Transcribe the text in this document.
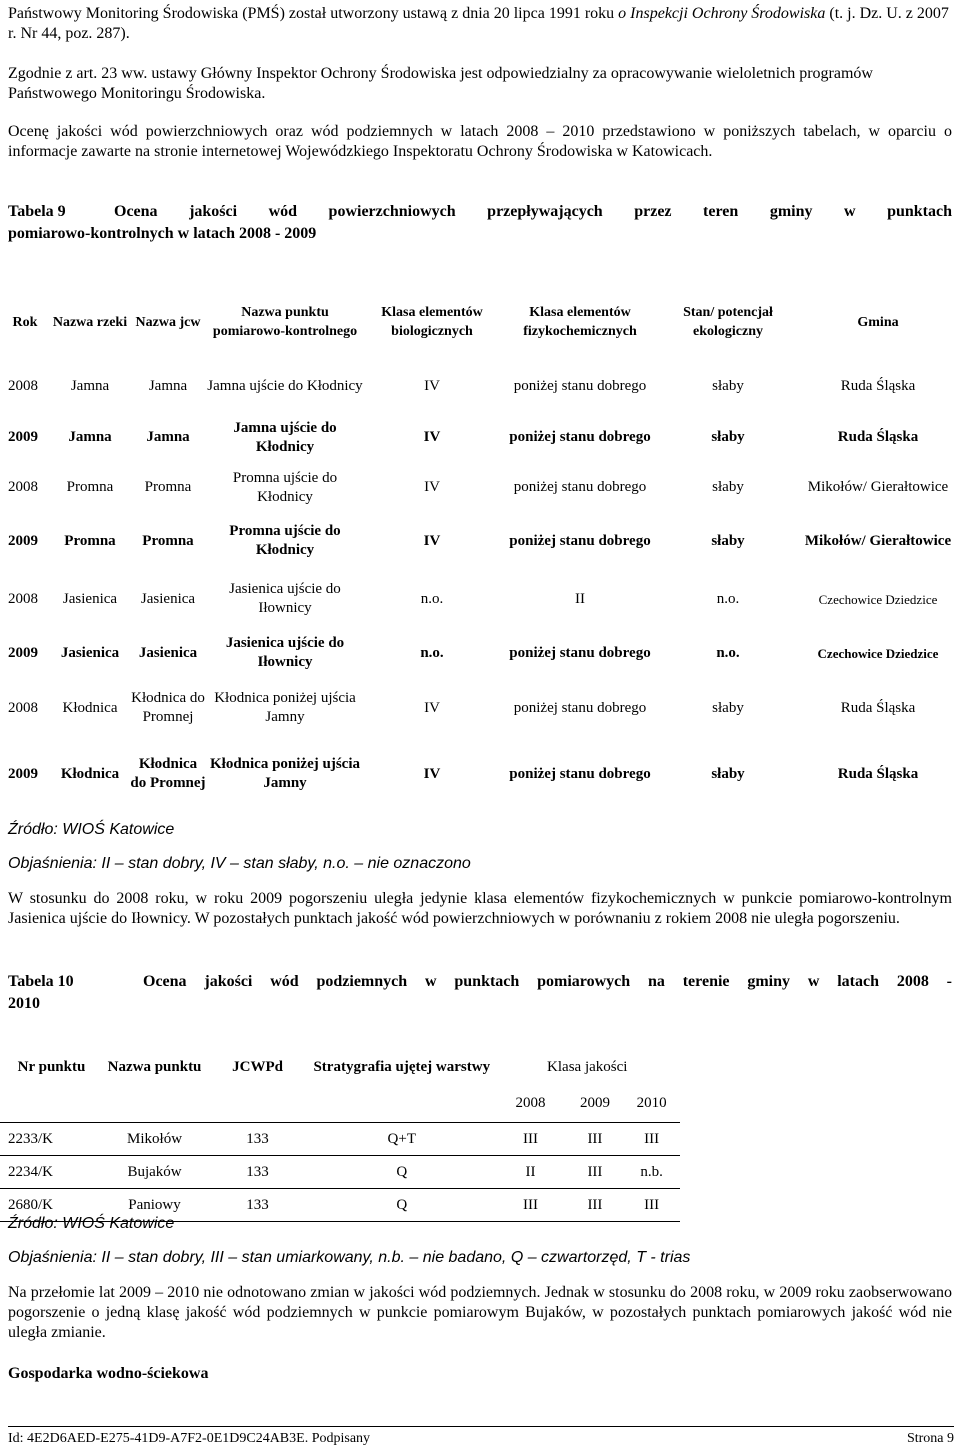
Państwowy Monitoring Środowiska (PMŚ) został utworzony ustawą z dnia 20 lipca 1991 roku o Inspekcji Ochrony Środowiska (t. j. Dz. U. z 2007 r. Nr 44, poz. 287).
Zgodnie z art. 23 ww. ustawy Główny Inspektor Ochrony Środowiska jest odpowiedzialny za opracowywanie wieloletnich programów Państwowego Monitoringu Środowiska.
Ocenę jakości wód powierzchniowych oraz wód podziemnych w latach 2008 – 2010 przedstawiono w poniższych tabelach, w oparciu o informacje zawarte na stronie internetowej Wojewódzkiego Inspektoratu Ochrony Środowiska w Katowicach.
Tabela 9	Ocena jakości wód powierzchniowych przepływających przez teren gminy w punktach
pomiarowo-kontrolnych w latach 2008 - 2009
Rok	Nazwa rzeki	Nazwa jcw	Nazwa punktu pomiarowo-kontrolnego	Klasa elementów biologicznych	Klasa elementów fizykochemicznych	Stan/ potencjał ekologiczny	Gmina
2008	Jamna	Jamna	Jamna ujście do Kłodnicy	IV	poniżej stanu dobrego	słaby	Ruda Śląska
2009	Jamna	Jamna	Jamna ujście do Kłodnicy	IV	poniżej stanu dobrego	słaby	Ruda Śląska
2008	Promna	Promna	Promna ujście do Kłodnicy	IV	poniżej stanu dobrego	słaby	Mikołów/ Gierałtowice
2009	Promna	Promna	Promna ujście do Kłodnicy	IV	poniżej stanu dobrego	słaby	Mikołów/ Gierałtowice
2008	Jasienica	Jasienica	Jasienica ujście do Iłownicy	n.o.	II	n.o.	Czechowice Dziedzice
2009	Jasienica	Jasienica	Jasienica ujście do Iłownicy	n.o.	poniżej stanu dobrego	n.o.	Czechowice Dziedzice
2008	Kłodnica	Kłodnica do Promnej	Kłodnica poniżej ujścia Jamny	IV	poniżej stanu dobrego	słaby	Ruda Śląska
2009	Kłodnica	Kłodnica do Promnej	Kłodnica poniżej ujścia Jamny	IV	poniżej stanu dobrego	słaby	Ruda Śląska
Źródło: WIOŚ Katowice
Objaśnienia: II – stan dobry, IV – stan słaby, n.o. – nie oznaczono
W stosunku do 2008 roku, w roku 2009 pogorszeniu uległa jedynie klasa elementów fizykochemicznych w punkcie pomiarowo-kontrolnym Jasienica ujście do Iłownicy. W pozostałych punktach jakość wód powierzchniowych w porównaniu z rokiem 2008 nie uległa pogorszeniu.
Tabela 10
2010
Ocena jakości wód podziemnych w punktach pomiarowych na terenie gminy w latach 2008 -
Nr punktu	Nazwa punktu	JCWPd	Stratygrafia ujętej warstwy	Klasa jakości		
				2008	2009	2010
2233/K	Mikołów	133	Q+T	III	III	III
2234/K	Bujaków	133	Q	II	III	n.b.
2680/K	Paniowy	133	Q	III	III	III
Źródło: WIOŚ Katowice
Objaśnienia: II – stan dobry, III – stan umiarkowany, n.b. – nie badano, Q – czwartorzęd, T - trias
Na przełomie lat 2009 – 2010 nie odnotowano zmian w jakości wód podziemnych. Jednak w stosunku do 2008 roku, w 2009 roku zaobserwowano pogorszenie o jedną klasę jakość wód podziemnych w punkcie pomiarowym Bujaków, w pozostałych punktach pomiarowych jakość wód nie uległa zmianie.
Gospodarka wodno-ściekowa
Id: 4E2D6AED-E275-41D9-A7F2-0E1D9C24AB3E. Podpisany	Strona 9
